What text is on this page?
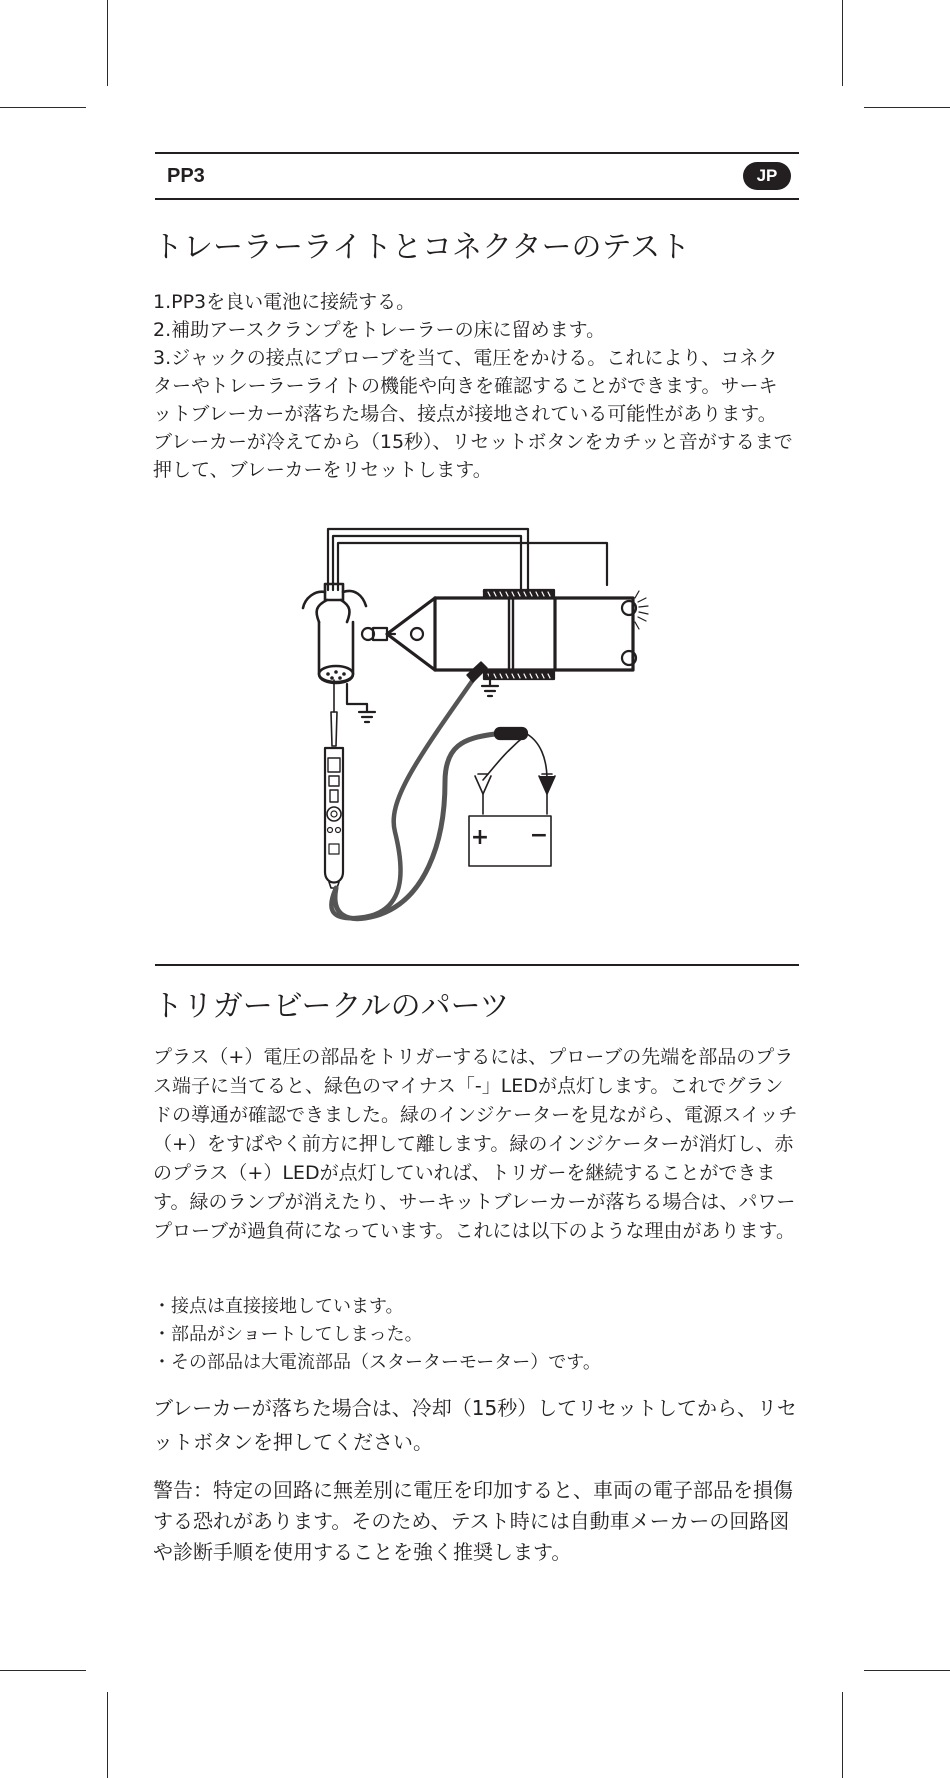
PP3	JP
トレーラーライトとコネクターのテスト

1.PP3を良い電池に接続する。

2.補助アースクランプをトレーラーの床に留めます。

3.ジャックの接点にプローブを当て、電圧をかける。これにより、コネクターやトレーラーライトの機能や向きを確認することができます。サーキットブレーカーが落ちた場合、接点が接地されている可能性があります。ブレーカーが冷えてから（15秒）、リセットボタンをカチッと音がするまで押して、ブレーカーをリセットします。

+ −
トリガービークルのパーツ

プラス（+）電圧の部品をトリガーするには、プローブの先端を部品のプラス端子に当てると、緑色のマイナス「-」LEDが点灯します。これでグランドの導通が確認できました。緑のインジケーターを見ながら、電源スイッチ（+）をすばやく前方に押して離します。緑のインジケーターが消灯し、赤のプラス（+）LEDが点灯していれば、トリガーを継続することができます。緑のランプが消えたり、サーキットブレーカーが落ちる場合は、パワープローブが過負荷になっています。これには以下のような理由があります。

・接点は直接接地しています。
・部品がショートしてしまった。
・その部品は大電流部品（スターターモーター）です。

ブレーカーが落ちた場合は、冷却（15秒）してリセットしてから、リセットボタンを押してください。

警告：特定の回路に無差別に電圧を印加すると、車両の電子部品を損傷する恐れがあります。そのため、テスト時には自動車メーカーの回路図や診断手順を使用することを強く推奨します。
